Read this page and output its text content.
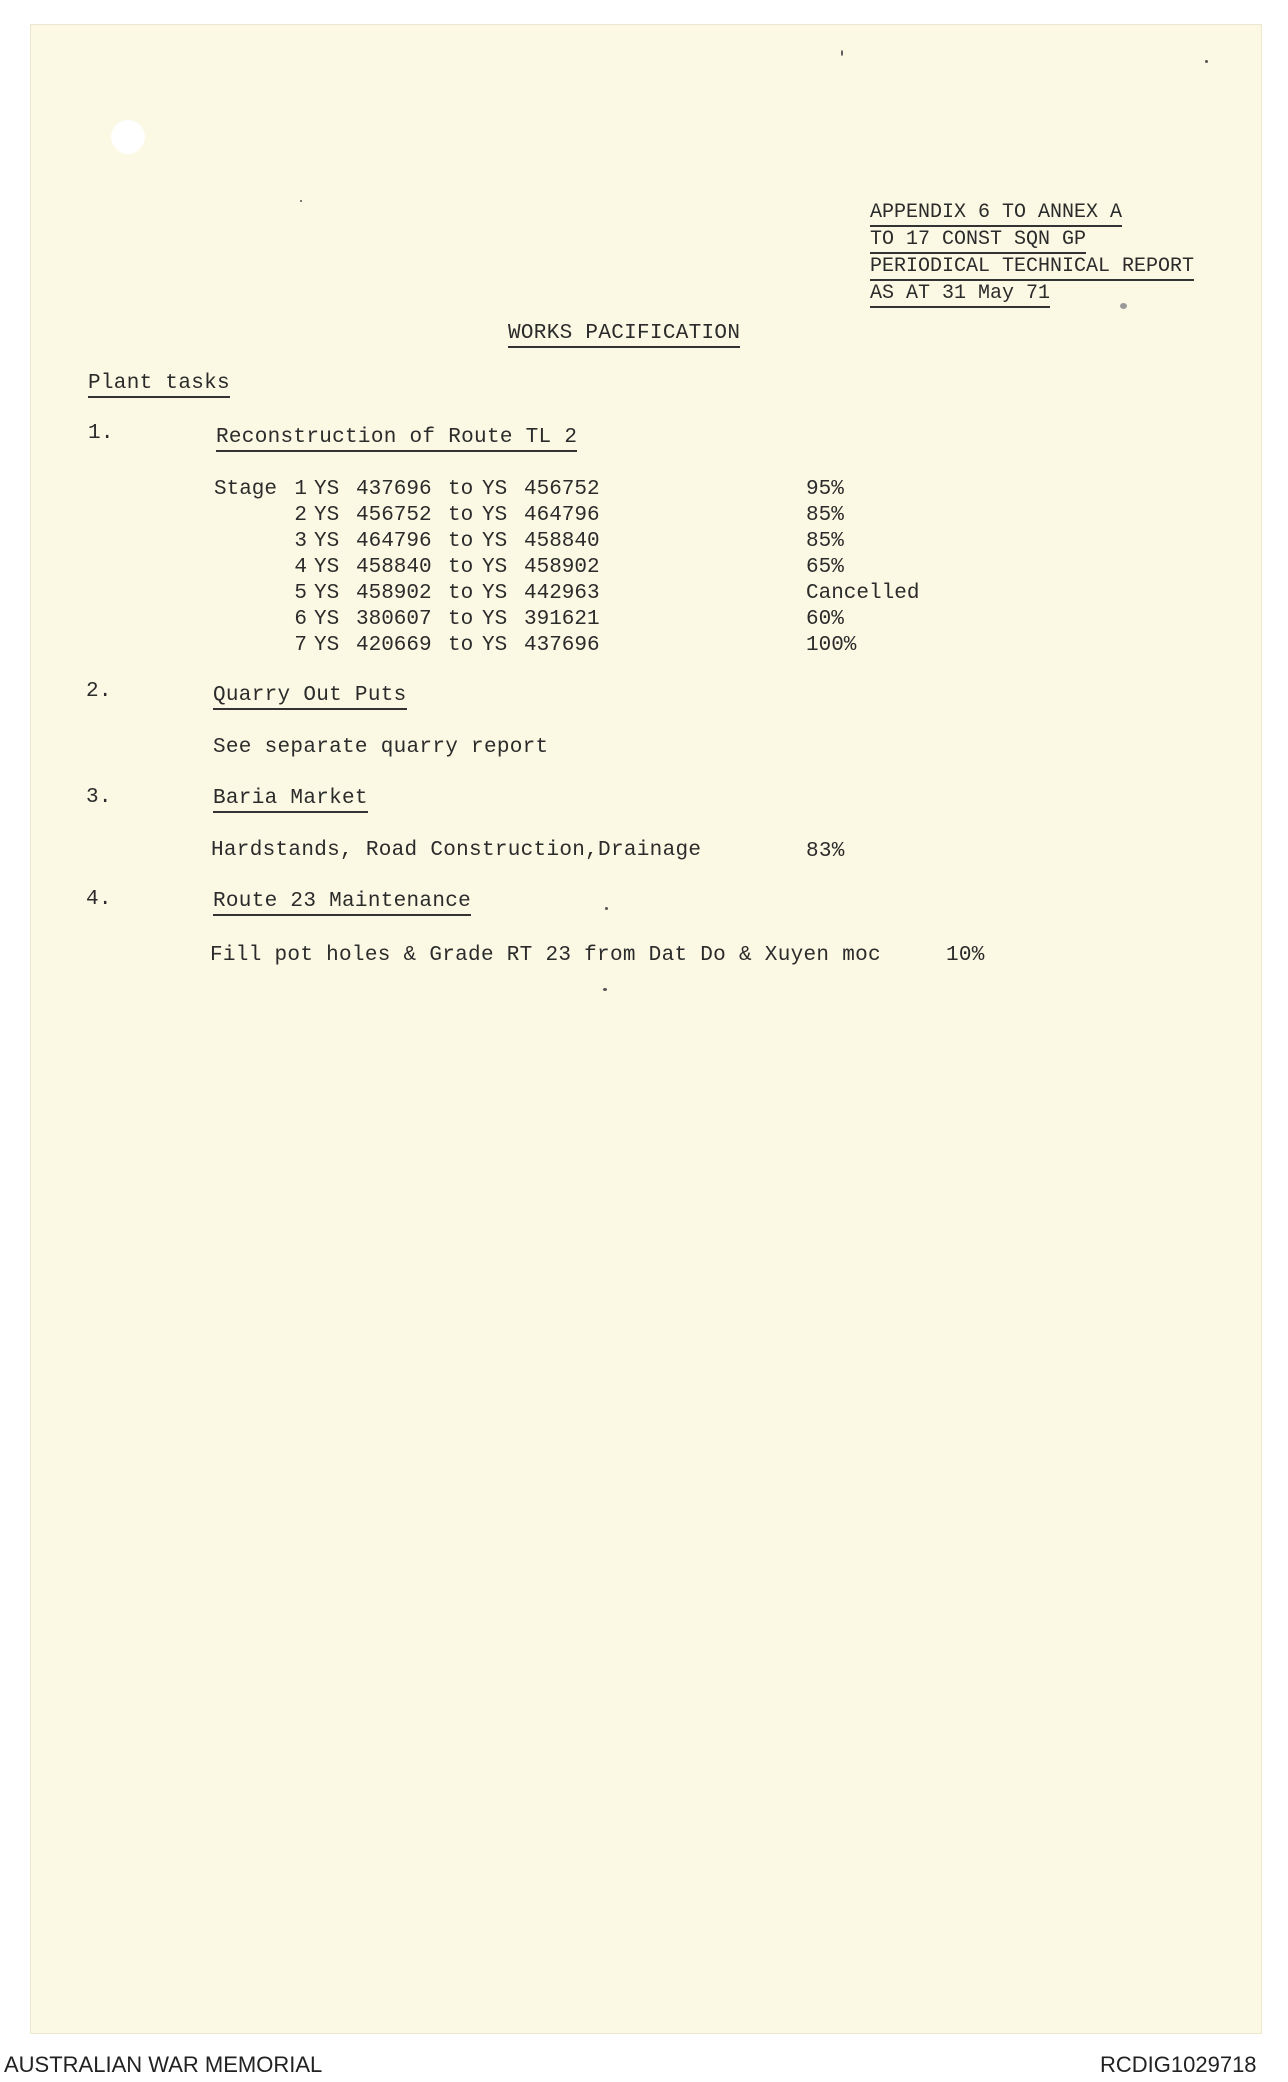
APPENDIX 6 TO ANNEX A
TO 17 CONST SQN GP
PERIODICAL TECHNICAL REPORT
AS AT 31 May 71
WORKS PACIFICATION
Plant tasks
1.	Reconstruction of Route TL 2
Stage 1 YS 437696 to YS 456752	95%
2 YS 456752 to YS 464796	85%
3 YS 464796 to YS 458840	85%
4 YS 458840 to YS 458902	65%
5 YS 458902 to YS 442963	Cancelled
6 YS 380607 to YS 391621	60%
7 YS 420669 to YS 437696	100%
2.	Quarry Out Puts
See separate quarry report
3.	Baria Market
Hardstands, Road Construction,Drainage	83%
4.	Route 23 Maintenance
Fill pot holes & Grade RT 23 from Dat Do & Xuyen moc	10%
AUSTRALIAN WAR MEMORIAL	RCDIG1029718
